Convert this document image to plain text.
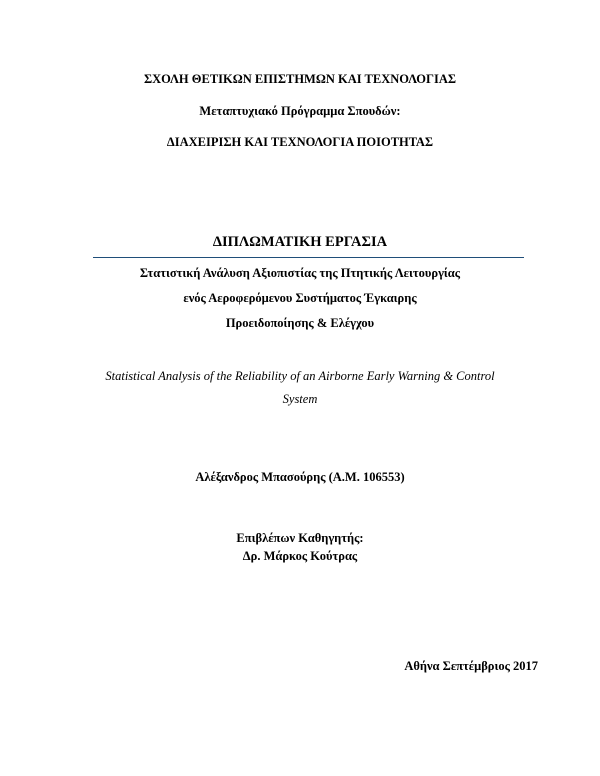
ΣΧΟΛΗ ΘΕΤΙΚΩΝ ΕΠΙΣΤΗΜΩΝ ΚΑΙ ΤΕΧΝΟΛΟΓΙΑΣ
Μεταπτυχιακό Πρόγραμμα Σπουδών:
ΔΙΑΧΕΙΡΙΣΗ ΚΑΙ ΤΕΧΝΟΛΟΓΙΑ ΠΟΙΟΤΗΤΑΣ
ΔΙΠΛΩΜΑΤΙΚΗ ΕΡΓΑΣΙΑ
Στατιστική Ανάλυση Αξιοπιστίας της Πτητικής Λειτουργίας
ενός Αεροφερόμενου Συστήματος Έγκαιρης
Προειδοποίησης & Ελέγχου
Statistical Analysis of the Reliability of an Airborne Early Warning & Control
System
Αλέξανδρος Μπασούρης (Α.Μ. 106553)
Επιβλέπων Καθηγητής:
Δρ. Μάρκος Κούτρας
Αθήνα Σεπτέμβριος 2017
